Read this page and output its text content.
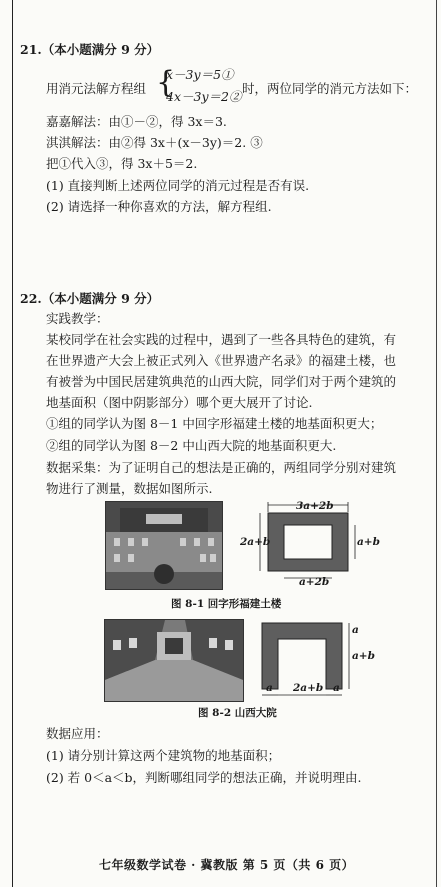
21.（本小题满分 9 分）
用消元法解方程组 {
x－3y＝5①
4x－3y＝2②
时，两位同学的消元方法如下：
嘉嘉解法：由①－②，得 3x＝3.
淇淇解法：由②得 3x＋(x－3y)＝2. ③
把①代入③，得 3x＋5＝2.
(1) 直接判断上述两位同学的消元过程是否有误.
(2) 请选择一种你喜欢的方法，解方程组.
22.（本小题满分 9 分）
实践教学：
某校同学在社会实践的过程中，遇到了一些各具特色的建筑，有
在世界遗产大会上被正式列入《世界遗产名录》的福建土楼，也
有被誉为中国民居建筑典范的山西大院，同学们对于两个建筑的
地基面积（图中阴影部分）哪个更大展开了讨论.
①组的同学认为图 8－1 中回字形福建土楼的地基面积更大；
②组的同学认为图 8－2 中山西大院的地基面积更大.
数据采集：为了证明自己的想法是正确的，两组同学分别对建筑
物进行了测量，数据如图所示.
3a+2b
2a+b	a+b
a+2b
图 8-1 回字形福建土楼
a
a+b
a 2a+b a
图 8-2 山西大院
数据应用：
(1) 请分别计算这两个建筑物的地基面积；
(2) 若 0＜a＜b，判断哪组同学的想法正确，并说明理由.
七年级数学试卷 · 冀教版 第 5 页（共 6 页）
